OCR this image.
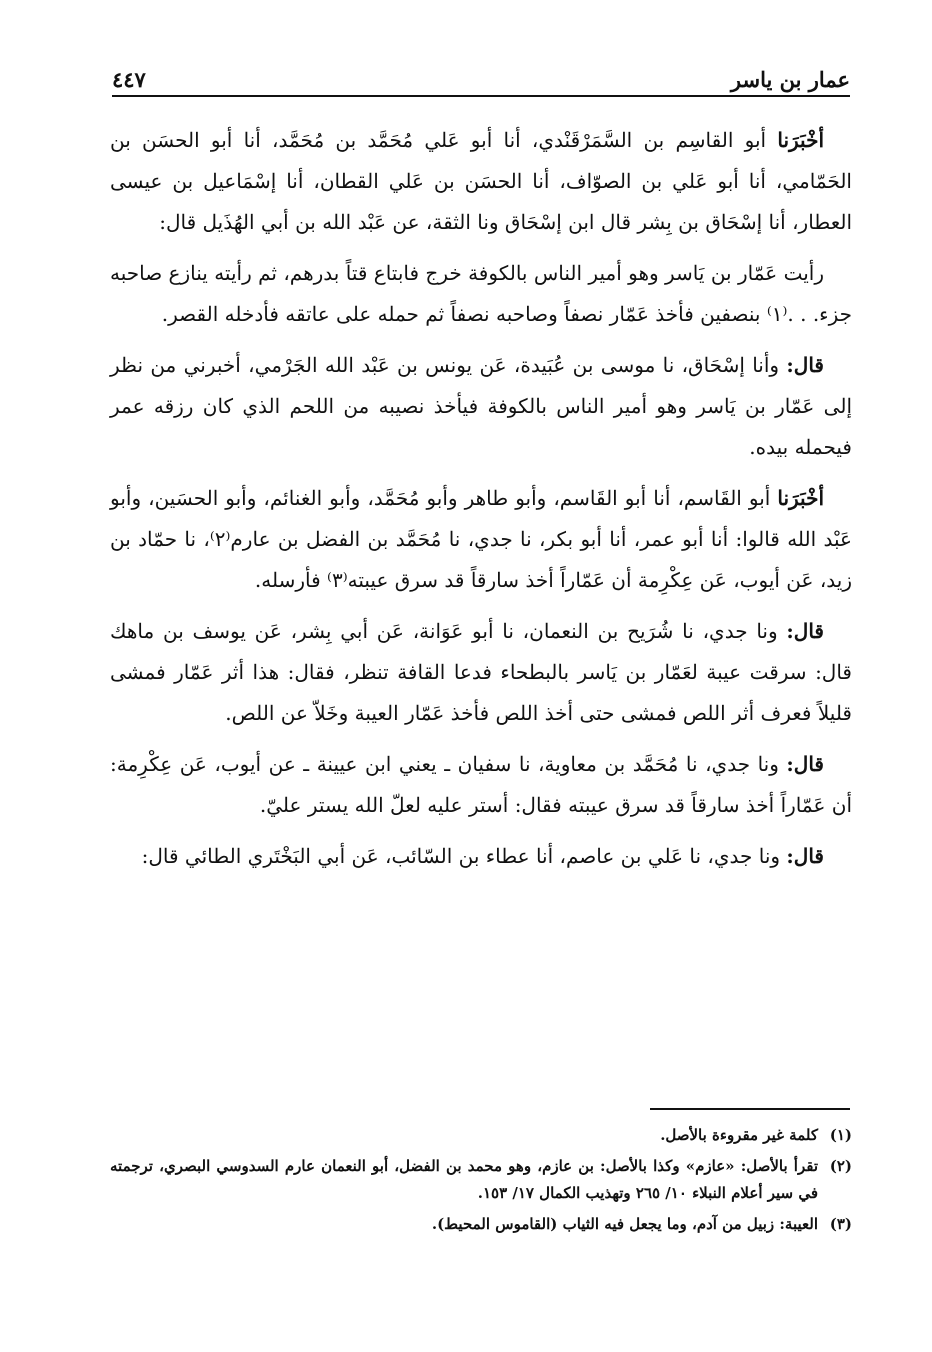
عمار بن ياسر
٤٤٧

أخْبَرَنا أبو القاسِم بن السَّمَرْقَنْدي، أنا أبو عَلي مُحَمَّد بن مُحَمَّد، أنا أبو الحسَن بن الحَمّامي، أنا أبو عَلي بن الصوّاف، أنا الحسَن بن عَلي القطان، أنا إسْمَاعيل بن عيسى العطار، أنا إسْحَاق بن بِشر قال ابن إسْحَاق ونا الثقة، عن عَبْد الله بن أبي الهُذَيل قال:

رأيت عَمّار بن يَاسر وهو أمير الناس بالكوفة خرج فابتاع قتاً بدرهم، ثم رأيته ينازع صاحبه جزء. . .⁽١⁾ بنصفين فأخذ عَمّار نصفاً وصاحبه نصفاً ثم حمله على عاتقه فأدخله القصر.

قال: وأنا إسْحَاق، نا موسى بن عُبَيدة، عَن يونس بن عَبْد الله الجَرْمي، أخبرني من نظر إلى عَمّار بن يَاسر وهو أمير الناس بالكوفة فيأخذ نصيبه من اللحم الذي كان رزقه عمر فيحمله بيده.

أخْبَرَنا أبو القَاسم، أنا أبو القَاسم، وأبو طاهر وأبو مُحَمَّد، وأبو الغنائم، وأبو الحسَين، وأبو عَبْد الله قالوا: أنا أبو عمر، أنا أبو بكر، نا جدي، نا مُحَمَّد بن الفضل بن عارم⁽٢⁾، نا حمّاد بن زيد، عَن أيوب، عَن عِكْرِمة أن عَمّاراً أخذ سارقاً قد سرق عيبته⁽٣⁾ فأرسله.

قال: ونا جدي، نا شُرَيح بن النعمان، نا أبو عَوَانة، عَن أبي بِشر، عَن يوسف بن ماهك قال: سرقت عيبة لعَمّار بن يَاسر بالبطحاء فدعا القافة تنظر، فقال: هذا أثر عَمّار فمشى قليلاً فعرف أثر اللص فمشى حتى أخذ اللص فأخذ عَمّار العيبة وخَلاّ عن اللص.

قال: ونا جدي، نا مُحَمَّد بن معاوية، نا سفيان ـ يعني ابن عيينة ـ عن أيوب، عَن عِكْرِمة: أن عَمّاراً أخذ سارقاً قد سرق عيبته فقال: أستر عليه لعلّ الله يستر عليّ.

قال: ونا جدي، نا عَلي بن عاصم، أنا عطاء بن السّائب، عَن أبي البَخْتَري الطائي قال:

(١)
كلمة غير مقروءة بالأصل.
(٢)
تقرأ بالأصل: «عازم» وكذا بالأصل: بن عازم، وهو محمد بن الفضل، أبو النعمان عارم السدوسي البصري، ترجمته في سير أعلام النبلاء ١٠/ ٢٦٥ وتهذيب الكمال ١٧/ ١٥٣.
(٣)
العيبة: زبيل من آدم، وما يجعل فيه الثياب (القاموس المحيط).
